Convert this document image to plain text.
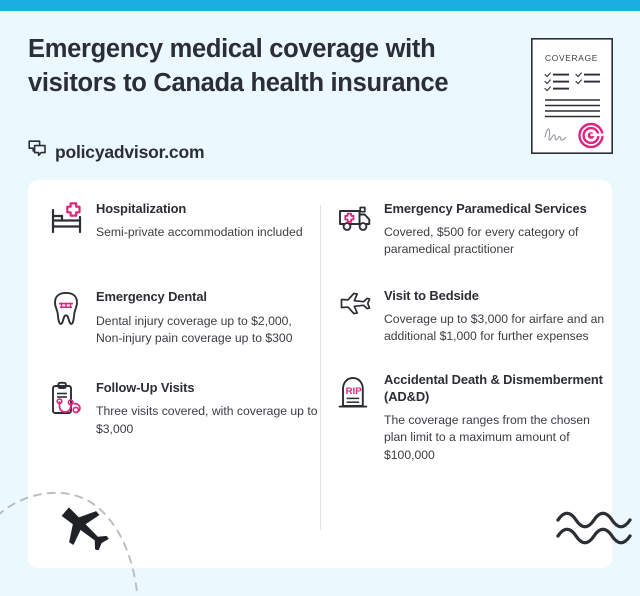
Emergency medical coverage with visitors to Canada health insurance
policyadvisor.com
COVERAGE

Hospitalization

Semi-private accommodation included

Emergency Dental

Dental injury coverage up to $2,000, Non-injury pain coverage up to $300

Follow-Up Visits

Three visits covered, with coverage up to $3,000

Emergency Paramedical Services

Covered, $500 for every category of paramedical practitioner

Visit to Bedside

Coverage up to $3,000 for airfare and an additional $1,000 for further expenses

RIP

Accidental Death & Dismemberment (AD&D)

The coverage ranges from the chosen plan limit to a maximum amount of $100,000
